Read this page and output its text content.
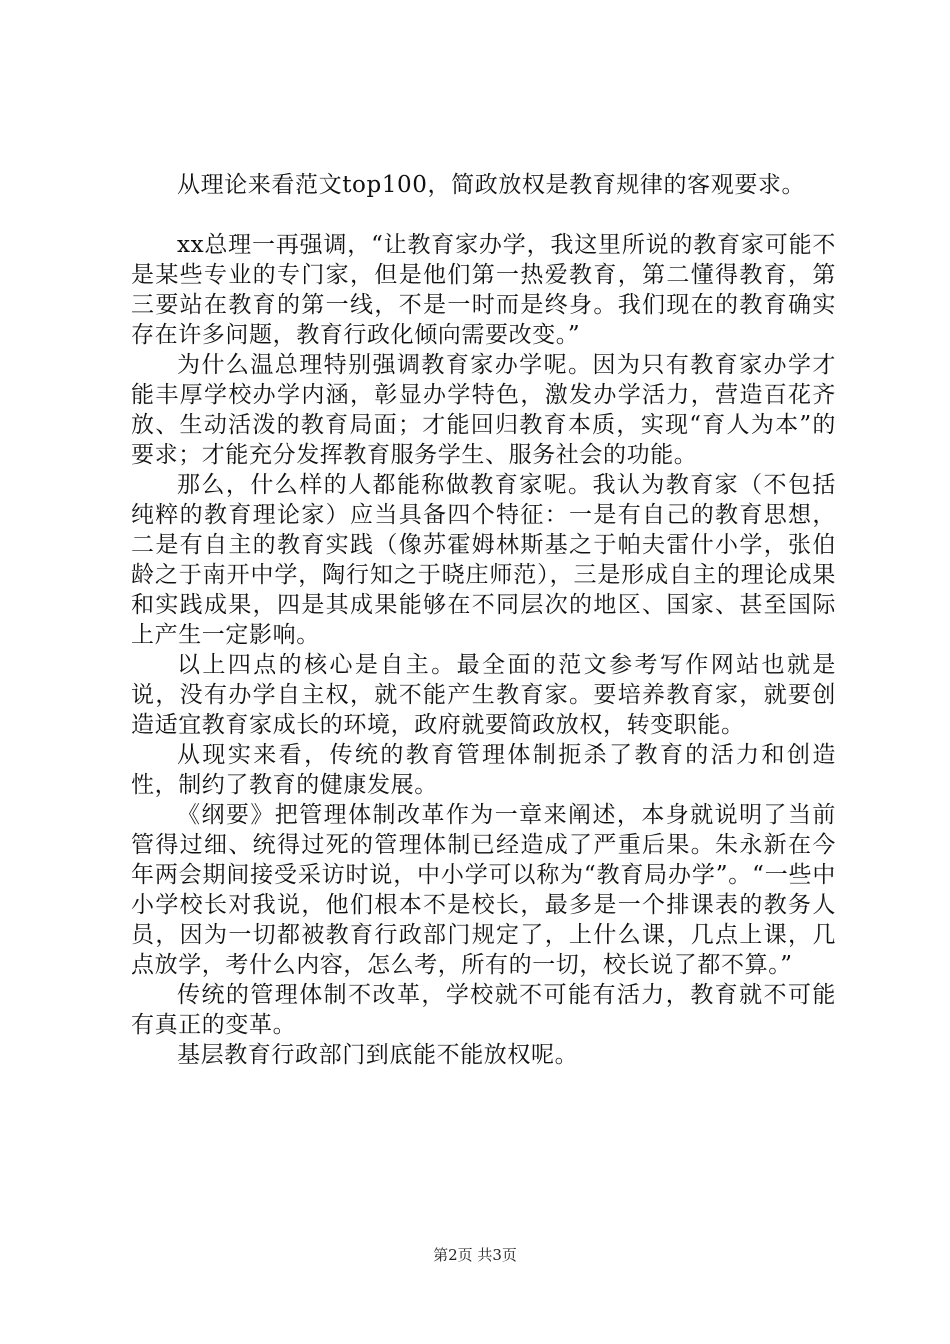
从理论来看范文top100，简政放权是教育规律的客观要求。

xx总理一再强调，“让教育家办学，我这里所说的教育家可能不是某些专业的专门家，但是他们第一热爱教育，第二懂得教育，第三要站在教育的第一线，不是一时而是终身。我们现在的教育确实存在许多问题，教育行政化倾向需要改变。”

为什么温总理特别强调教育家办学呢。因为只有教育家办学才能丰厚学校办学内涵，彰显办学特色，激发办学活力，营造百花齐放、生动活泼的教育局面；才能回归教育本质，实现“育人为本”的要求；才能充分发挥教育服务学生、服务社会的功能。

那么，什么样的人都能称做教育家呢。我认为教育家（不包括纯粹的教育理论家）应当具备四个特征：一是有自己的教育思想，二是有自主的教育实践（像苏霍姆林斯基之于帕夫雷什小学，张伯龄之于南开中学，陶行知之于晓庄师范），三是形成自主的理论成果和实践成果，四是其成果能够在不同层次的地区、国家、甚至国际上产生一定影响。

以上四点的核心是自主。最全面的范文参考写作网站也就是说，没有办学自主权，就不能产生教育家。要培养教育家，就要创造适宜教育家成长的环境，政府就要简政放权，转变职能。

从现实来看，传统的教育管理体制扼杀了教育的活力和创造性，制约了教育的健康发展。

《纲要》把管理体制改革作为一章来阐述，本身就说明了当前管得过细、统得过死的管理体制已经造成了严重后果。朱永新在今年两会期间接受采访时说，中小学可以称为“教育局办学”。“一些中小学校长对我说，他们根本不是校长，最多是一个排课表的教务人员，因为一切都被教育行政部门规定了，上什么课，几点上课，几点放学，考什么内容，怎么考，所有的一切，校长说了都不算。”

传统的管理体制不改革，学校就不可能有活力，教育就不可能有真正的变革。

基层教育行政部门到底能不能放权呢。

第2页 共3页
